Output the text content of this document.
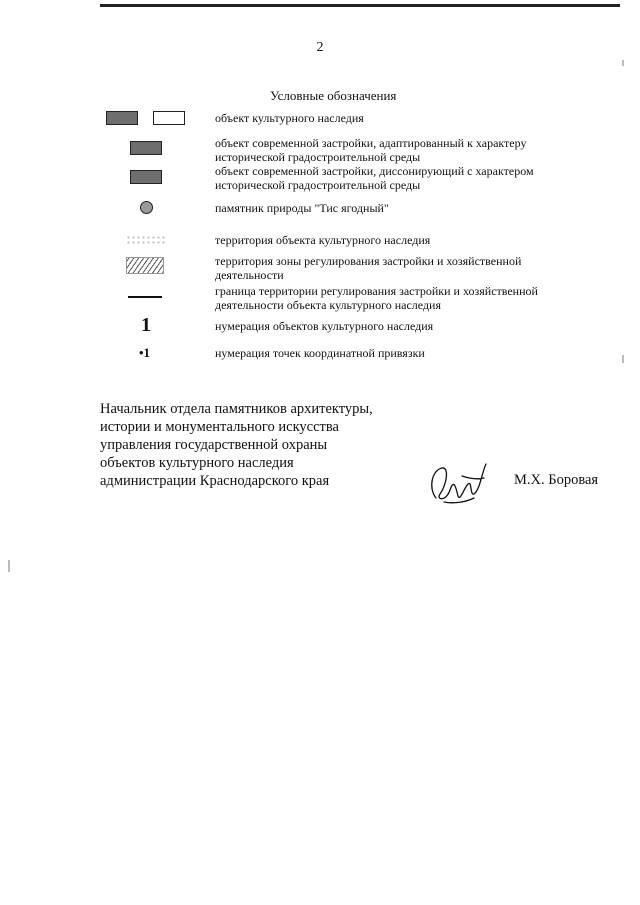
2
Условные обозначения
объект культурного наследия
объект современной застройки, адаптированный к характеру
исторической градостроительной среды
объект современной застройки, диссонирующий с характером
исторической градостроительной среды
памятник природы "Тис ягодный"
территория объекта культурного наследия
территория зоны регулирования застройки и хозяйственной
деятельности
граница территории регулирования застройки и хозяйственной
деятельности объекта культурного наследия
1	нумерация объектов культурного наследия
•1	нумерация точек координатной привязки
Начальник отдела памятников архитектуры,
истории и монументального искусства
управления государственной охраны
объектов культурного наследия
администрации Краснодарского края	М.Х. Боровая
